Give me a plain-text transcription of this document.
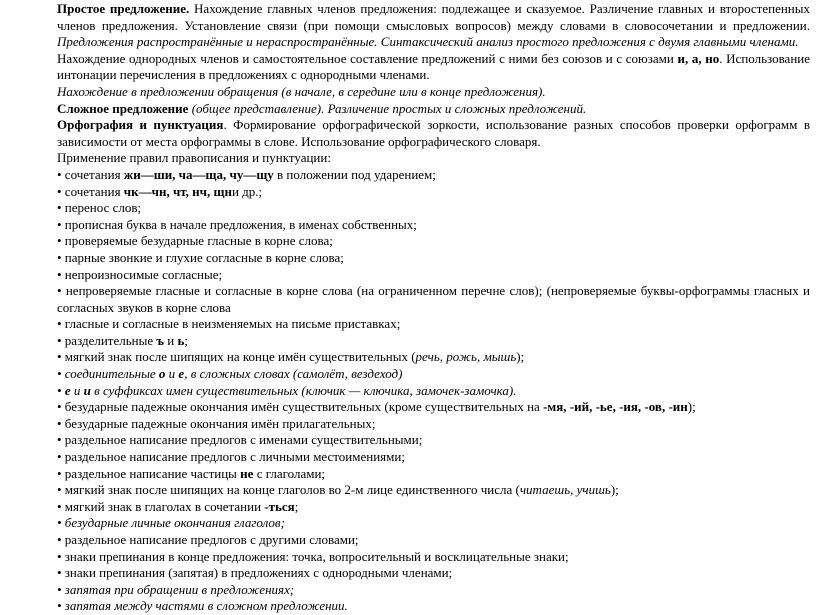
Простое предложение. Нахождение главных членов предложения: подлежащее и сказуемое. Различение главных и второстепенных членов предложения. Установление связи (при помощи смысловых вопросов) между словами в словосочетании и предложении. Предложения распространённые и нераспространённые. Синтаксический анализ простого предложения с двумя главными членами.

Нахождение однородных членов и самостоятельное составление предложений с ними без союзов и с союзами и, а, но. Использование интонации перечисления в предложениях с однородными членами.

Нахождение в предложении обращения (в начале, в середине или в конце предложения).

Сложное предложение (общее представление). Различение простых и сложных предложений.

Орфография и пунктуация. Формирование орфографической зоркости, использование разных способов проверки орфограмм в зависимости от места орфограммы в слове. Использование орфографического словаря.

Применение правил правописания и пунктуации:

• сочетания жи—ши, ча—ща, чу—щу в положении под ударением;

• сочетания чк—чн, чт, нч, щни др.;

• перенос слов;

• прописная буква в начале предложения, в именах собственных;

• проверяемые безударные гласные в корне слова;

• парные звонкие и глухие согласные в корне слова;

• непроизносимые согласные;

• непроверяемые гласные и согласные в корне слова (на ограниченном перечне слов); (непроверяемые буквы-орфограммы гласных и согласных звуков в корне слова

• гласные и согласные в неизменяемых на письме приставках;

• разделительные ъ и ь;

• мягкий знак после шипящих на конце имён существительных (речь, рожь, мышь);

• соединительные о и е, в сложных словах (самолёт, вездеход)

• е и и в суффиксах имен существительных (ключик — ключика, замочек-замочка).

• безударные падежные окончания имён существительных (кроме существительных на -мя, -ий, -ье, -ия, -ов, -ин);

• безударные падежные окончания имён прилагательных;

• раздельное написание предлогов с именами существительными;

• раздельное написание предлогов с личными местоимениями;

• раздельное написание частицы не с глаголами;

• мягкий знак после шипящих на конце глаголов во 2-м лице единственного числа (читаешь, учишь);

• мягкий знак в глаголах в сочетании -ться;

• безударные личные окончания глаголов;

• раздельное написание предлогов с другими словами;

• знаки препинания в конце предложения: точка, вопросительный и восклицательные знаки;

• знаки препинания (запятая) в предложениях с однородными членами;

• запятая при обращении в предложениях;

• запятая между частями в сложном предложении.
